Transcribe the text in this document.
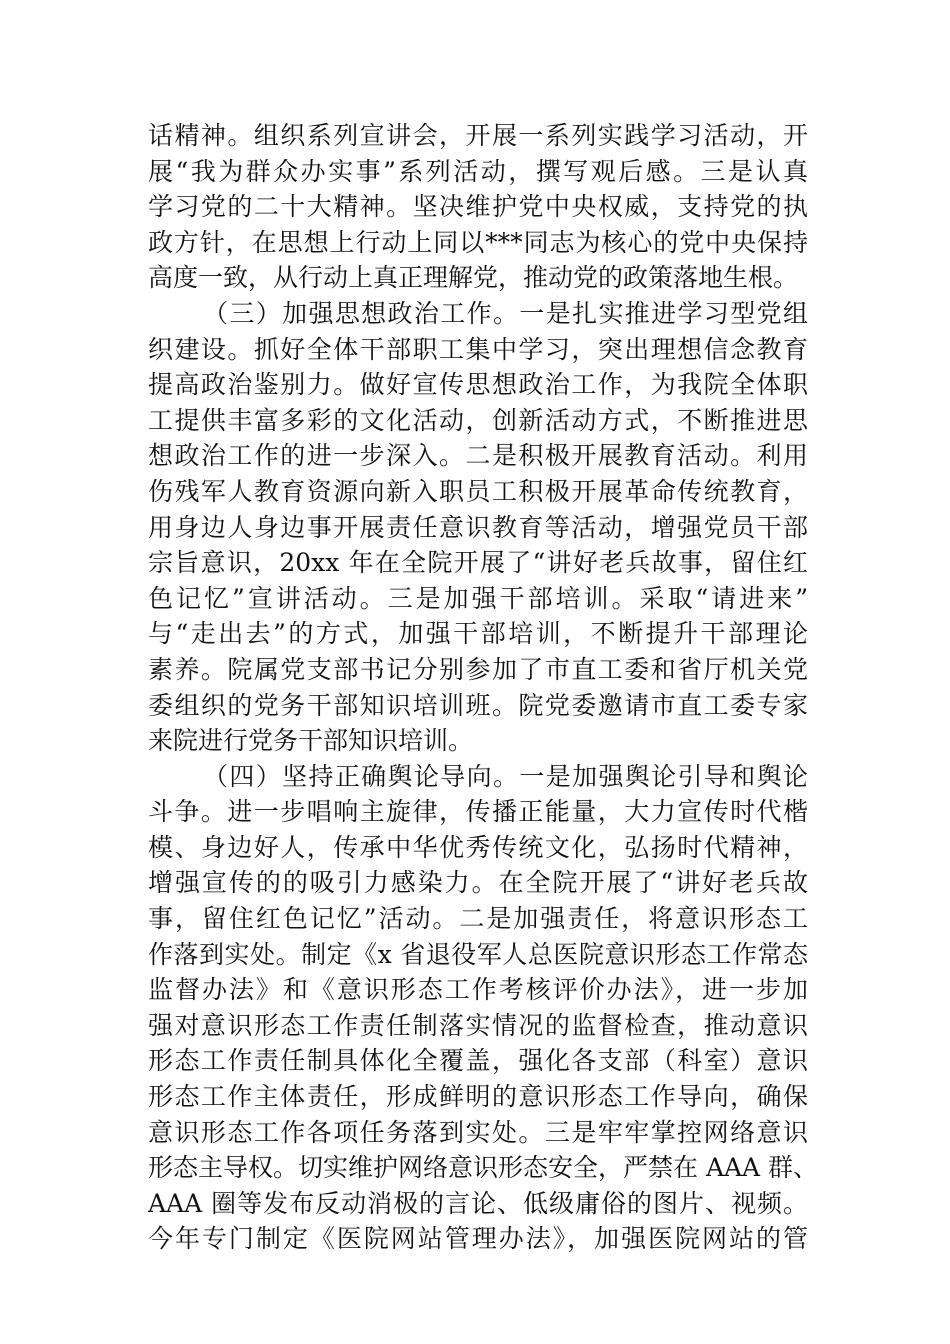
话精神。组织系列宣讲会，开展一系列实践学习活动，开
展“我为群众办实事”系列活动，撰写观后感。三是认真
学习党的二十大精神。坚决维护党中央权威，支持党的执
政方针，在思想上行动上同以***同志为核心的党中央保持
高度一致，从行动上真正理解党，推动党的政策落地生根。
（三）加强思想政治工作。一是扎实推进学习型党组
织建设。抓好全体干部职工集中学习，突出理想信念教育
提高政治鉴别力。做好宣传思想政治工作，为我院全体职
工提供丰富多彩的文化活动，创新活动方式，不断推进思
想政治工作的进一步深入。二是积极开展教育活动。利用
伤残军人教育资源向新入职员工积极开展革命传统教育，
用身边人身边事开展责任意识教育等活动，增强党员干部
宗旨意识，20xx 年在全院开展了“讲好老兵故事，留住红
色记忆”宣讲活动。三是加强干部培训。采取“请进来”
与“走出去”的方式，加强干部培训，不断提升干部理论
素养。院属党支部书记分别参加了市直工委和省厅机关党
委组织的党务干部知识培训班。院党委邀请市直工委专家
来院进行党务干部知识培训。
（四）坚持正确舆论导向。一是加强舆论引导和舆论
斗争。进一步唱响主旋律，传播正能量，大力宣传时代楷
模、身边好人，传承中华优秀传统文化，弘扬时代精神，
增强宣传的的吸引力感染力。在全院开展了“讲好老兵故
事，留住红色记忆”活动。二是加强责任，将意识形态工
作落到实处。制定《x 省退役军人总医院意识形态工作常态
监督办法》和《意识形态工作考核评价办法》，进一步加
强对意识形态工作责任制落实情况的监督检查，推动意识
形态工作责任制具体化全覆盖，强化各支部（科室）意识
形态工作主体责任，形成鲜明的意识形态工作导向，确保
意识形态工作各项任务落到实处。三是牢牢掌控网络意识
形态主导权。切实维护网络意识形态安全，严禁在 AAA 群、
AAA 圈等发布反动消极的言论、低级庸俗的图片、视频。
今年专门制定《医院网站管理办法》，加强医院网站的管
